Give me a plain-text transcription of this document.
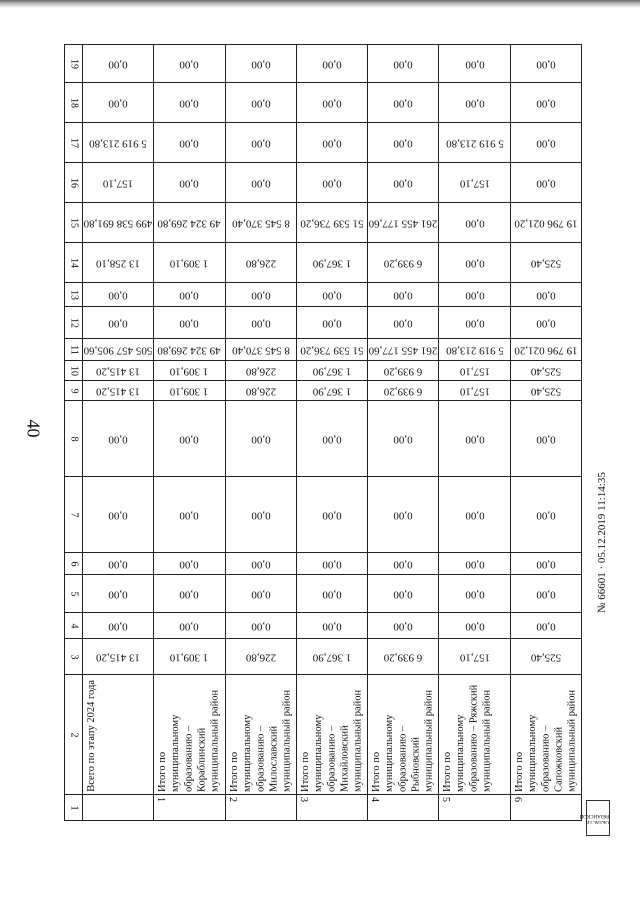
40
19	0,00	0,00	0,00	0,00	0,00	0,00	0,00

18	0,00	0,00	0,00	0,00	0,00	0,00	0,00

17	5 919 213,80	0,00	0,00	0,00	0,00	5 919 213,80	0,00

16	157,10	0,00	0,00	0,00	0,00	157,10	0,00

15	499 538 691,80	49 324 269,80	8 545 370,40	51 539 736,20	261 455 177,60	0,00	19 796 021,20

14	13 258,10	1 309,10	226,80	1 367,90	6 939,20	0,00	525,40

13	0,00	0,00	0,00	0,00	0,00	0,00	0,00

12	0,00	0,00	0,00	0,00	0,00	0,00	0,00

11	505 457 905,60	49 324 269,80	8 545 370,40	51 539 736,20	261 455 177,60	5 919 213,80	19 796 021,20

10	13 415,20	1 309,10	226,80	1 367,90	6 939,20	157,10	525,40

9	13 415,20	1 309,10	226,80	1 367,90	6 939,20	157,10	525,40

8	0,00	0,00	0,00	0,00	0,00	0,00	0,00

7	0,00	0,00	0,00	0,00	0,00	0,00	0,00

6	0,00	0,00	0,00	0,00	0,00	0,00	0,00

5	0,00	0,00	0,00	0,00	0,00	0,00	0,00

4	0,00	0,00	0,00	0,00	0,00	0,00	0,00

3	13 415,20	1 309,10	226,80	1 367,90	6 939,20	157,10	525,40

2	Всего по этапу 2024 года	Итого по муниципальному образованию – Кораблинский муниципальный район	Итого по муниципальному образованию – Милославский муниципальный район	Итого по муниципальному образованию – Михайловский муниципальный район	Итого по муниципальному образованию – Рыбновский муниципальный район	Итого по муниципальному образованию – Ряжский муниципальный район	Итого по муниципальному образованию – Сапожковский муниципальный район

1		1	2	3	4	5	6
№ 66601 · 05.12.2019 11:14:35
РЯЗАНСКОЙ
ОБЛАСТИ
